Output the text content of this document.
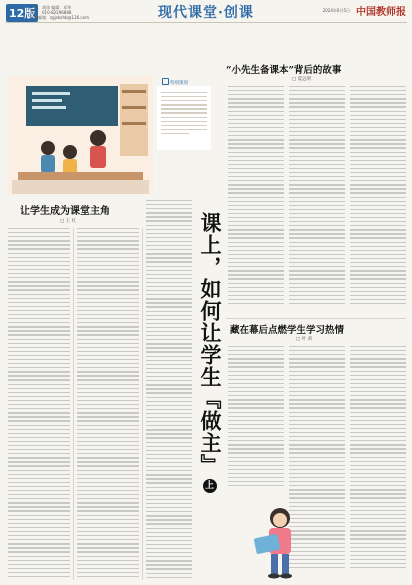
12版
主编：胡涛 编辑：邓华
电话：010-82296888
投稿邮箱：zgjsbshb@126.com	现代课堂·创课	2024年6月5日 中国教师报
特别策划
让学生成为课堂主角
□ 王 红	课上，如何让学生『做主』上
“小先生备课本”背后的故事
□ 夏远明
藏在幕后点燃学生学习热情
□ 叶 莉
